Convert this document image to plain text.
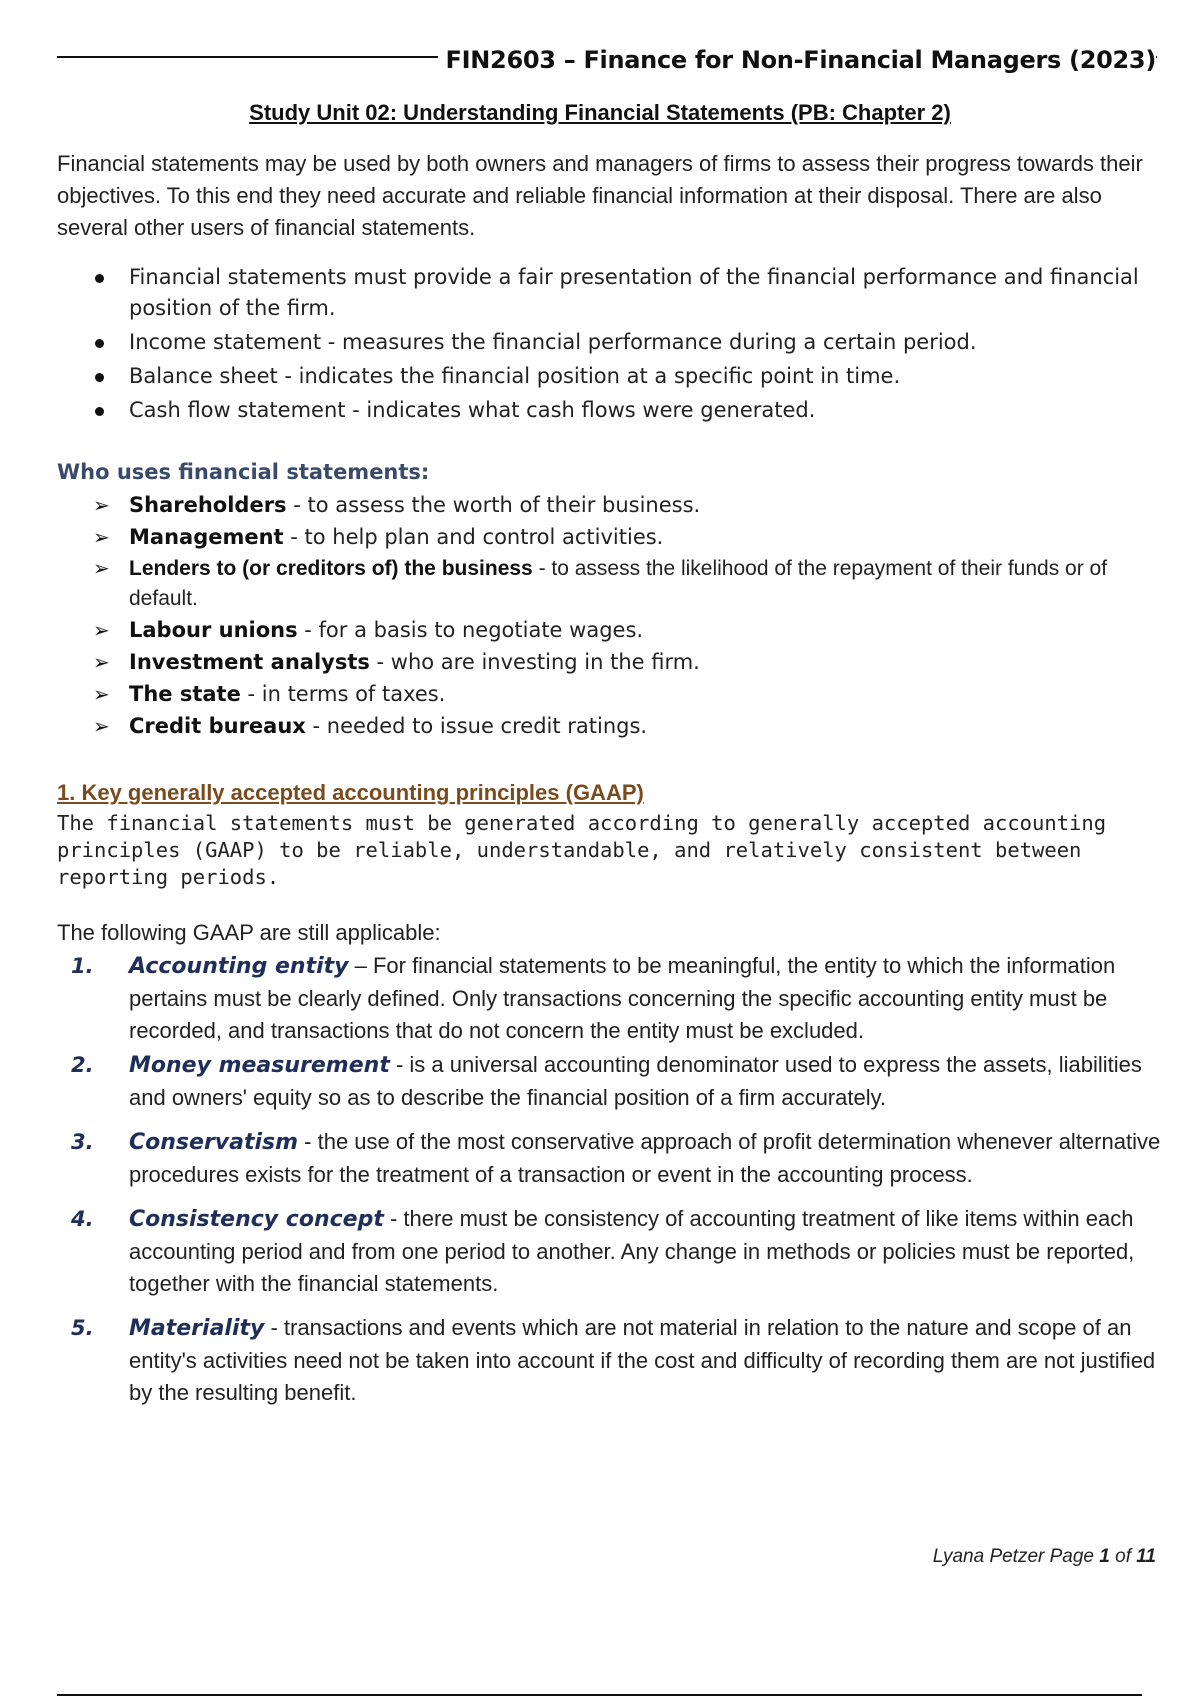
FIN2603 – Finance for Non-Financial Managers (2023)
Study Unit 02: Understanding Financial Statements (PB: Chapter 2)
Financial statements may be used by both owners and managers of firms to assess their progress towards their objectives. To this end they need accurate and reliable financial information at their disposal. There are also several other users of financial statements.
Financial statements must provide a fair presentation of the financial performance and financial position of the firm.
Income statement - measures the financial performance during a certain period.
Balance sheet - indicates the financial position at a specific point in time.
Cash flow statement - indicates what cash flows were generated.
Who uses financial statements:
➢ Shareholders - to assess the worth of their business.
➢ Management - to help plan and control activities.
➢ Lenders to (or creditors of) the business - to assess the likelihood of the repayment of their funds or of default.
➢ Labour unions - for a basis to negotiate wages.
➢ Investment analysts - who are investing in the firm.
➢ The state - in terms of taxes.
➢ Credit bureaux - needed to issue credit ratings.
1. Key generally accepted accounting principles (GAAP)
The financial statements must be generated according to generally accepted accounting principles (GAAP) to be reliable, understandable, and relatively consistent between reporting periods.
The following GAAP are still applicable:
1. Accounting entity – For financial statements to be meaningful, the entity to which the information pertains must be clearly defined. Only transactions concerning the specific accounting entity must be recorded, and transactions that do not concern the entity must be excluded.
2. Money measurement - is a universal accounting denominator used to express the assets, liabilities and owners' equity so as to describe the financial position of a firm accurately.
3. Conservatism - the use of the most conservative approach of profit determination whenever alternative procedures exists for the treatment of a transaction or event in the accounting process.
4. Consistency concept - there must be consistency of accounting treatment of like items within each accounting period and from one period to another. Any change in methods or policies must be reported, together with the financial statements.
5. Materiality - transactions and events which are not material in relation to the nature and scope of an entity's activities need not be taken into account if the cost and difficulty of recording them are not justified by the resulting benefit.
Lyana Petzer Page 1 of 11
